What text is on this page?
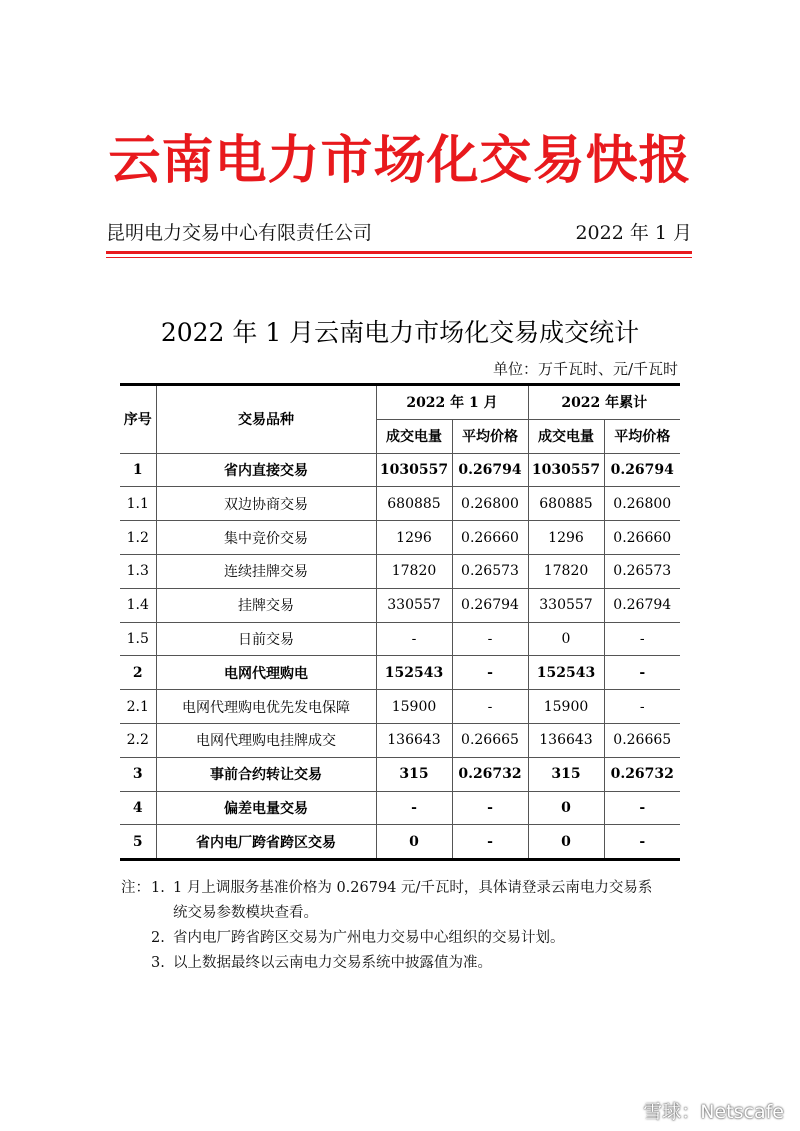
云南电力市场化交易快报
昆明电力交易中心有限责任公司	2022 年 1 月
2022 年 1 月云南电力市场化交易成交统计
单位：万千瓦时、元/千瓦时
序号	交易品种	2022 年 1 月		2022 年累计	
		成交电量	平均价格	成交电量	平均价格
1	省内直接交易	1030557	0.26794	1030557	0.26794
1.1	双边协商交易	680885	0.26800	680885	0.26800
1.2	集中竞价交易	1296	0.26660	1296	0.26660
1.3	连续挂牌交易	17820	0.26573	17820	0.26573
1.4	挂牌交易	330557	0.26794	330557	0.26794
1.5	日前交易	-	-	0	-
2	电网代理购电	152543	-	152543	-
2.1	电网代理购电优先发电保障	15900	-	15900	-
2.2	电网代理购电挂牌成交	136643	0.26665	136643	0.26665
3	事前合约转让交易	315	0.26732	315	0.26732
4	偏差电量交易	-	-	0	-
5	省内电厂跨省跨区交易	0	-	0	-
注：1. 1 月上调服务基准价格为 0.26794 元/千瓦时，具体请登录云南电力交易系
统交易参数模块查看。
2. 省内电厂跨省跨区交易为广州电力交易中心组织的交易计划。
3. 以上数据最终以云南电力交易系统中披露值为准。
雪球：Netscafe
